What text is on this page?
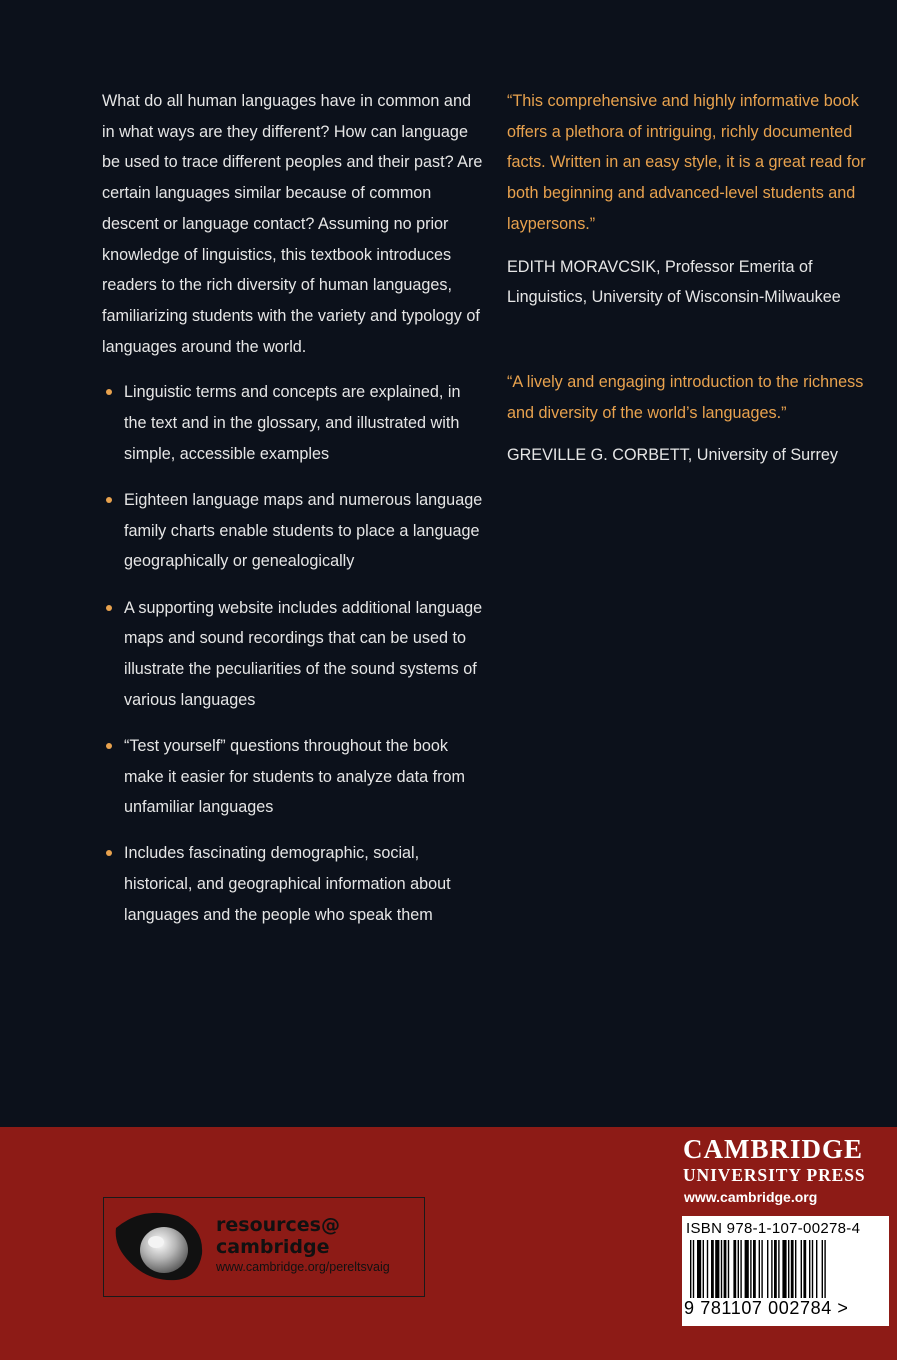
What do all human languages have in common and in what ways are they different? How can language be used to trace different peoples and their past? Are certain languages similar because of common descent or language contact? Assuming no prior knowledge of linguistics, this textbook introduces readers to the rich diversity of human languages, familiarizing students with the variety and typology of languages around the world.

Linguistic terms and concepts are explained, in the text and in the glossary, and illustrated with simple, accessible examples
Eighteen language maps and numerous language family charts enable students to place a language geographically or genealogically
A supporting website includes additional language maps and sound recordings that can be used to illustrate the peculiarities of the sound systems of various languages
“Test yourself” questions throughout the book make it easier for students to analyze data from unfamiliar languages
Includes fascinating demographic, social, historical, and geographical information about languages and the people who speak them

“This comprehensive and highly informative book offers a plethora of intriguing, richly documented facts. Written in an easy style, it is a great read for both beginning and advanced-level students and laypersons.”

EDITH MORAVCSIK, Professor Emerita of Linguistics, University of Wisconsin-Milwaukee

“A lively and engaging introduction to the richness and diversity of the world’s languages.”

GREVILLE G. CORBETT, University of Surrey

resources@
cambridge
www.cambridge.org/pereltsvaig
CAMBRIDGE
UNIVERSITY PRESS
www.cambridge.org
ISBN 978-1-107-00278-4
9 781107 002784 >
